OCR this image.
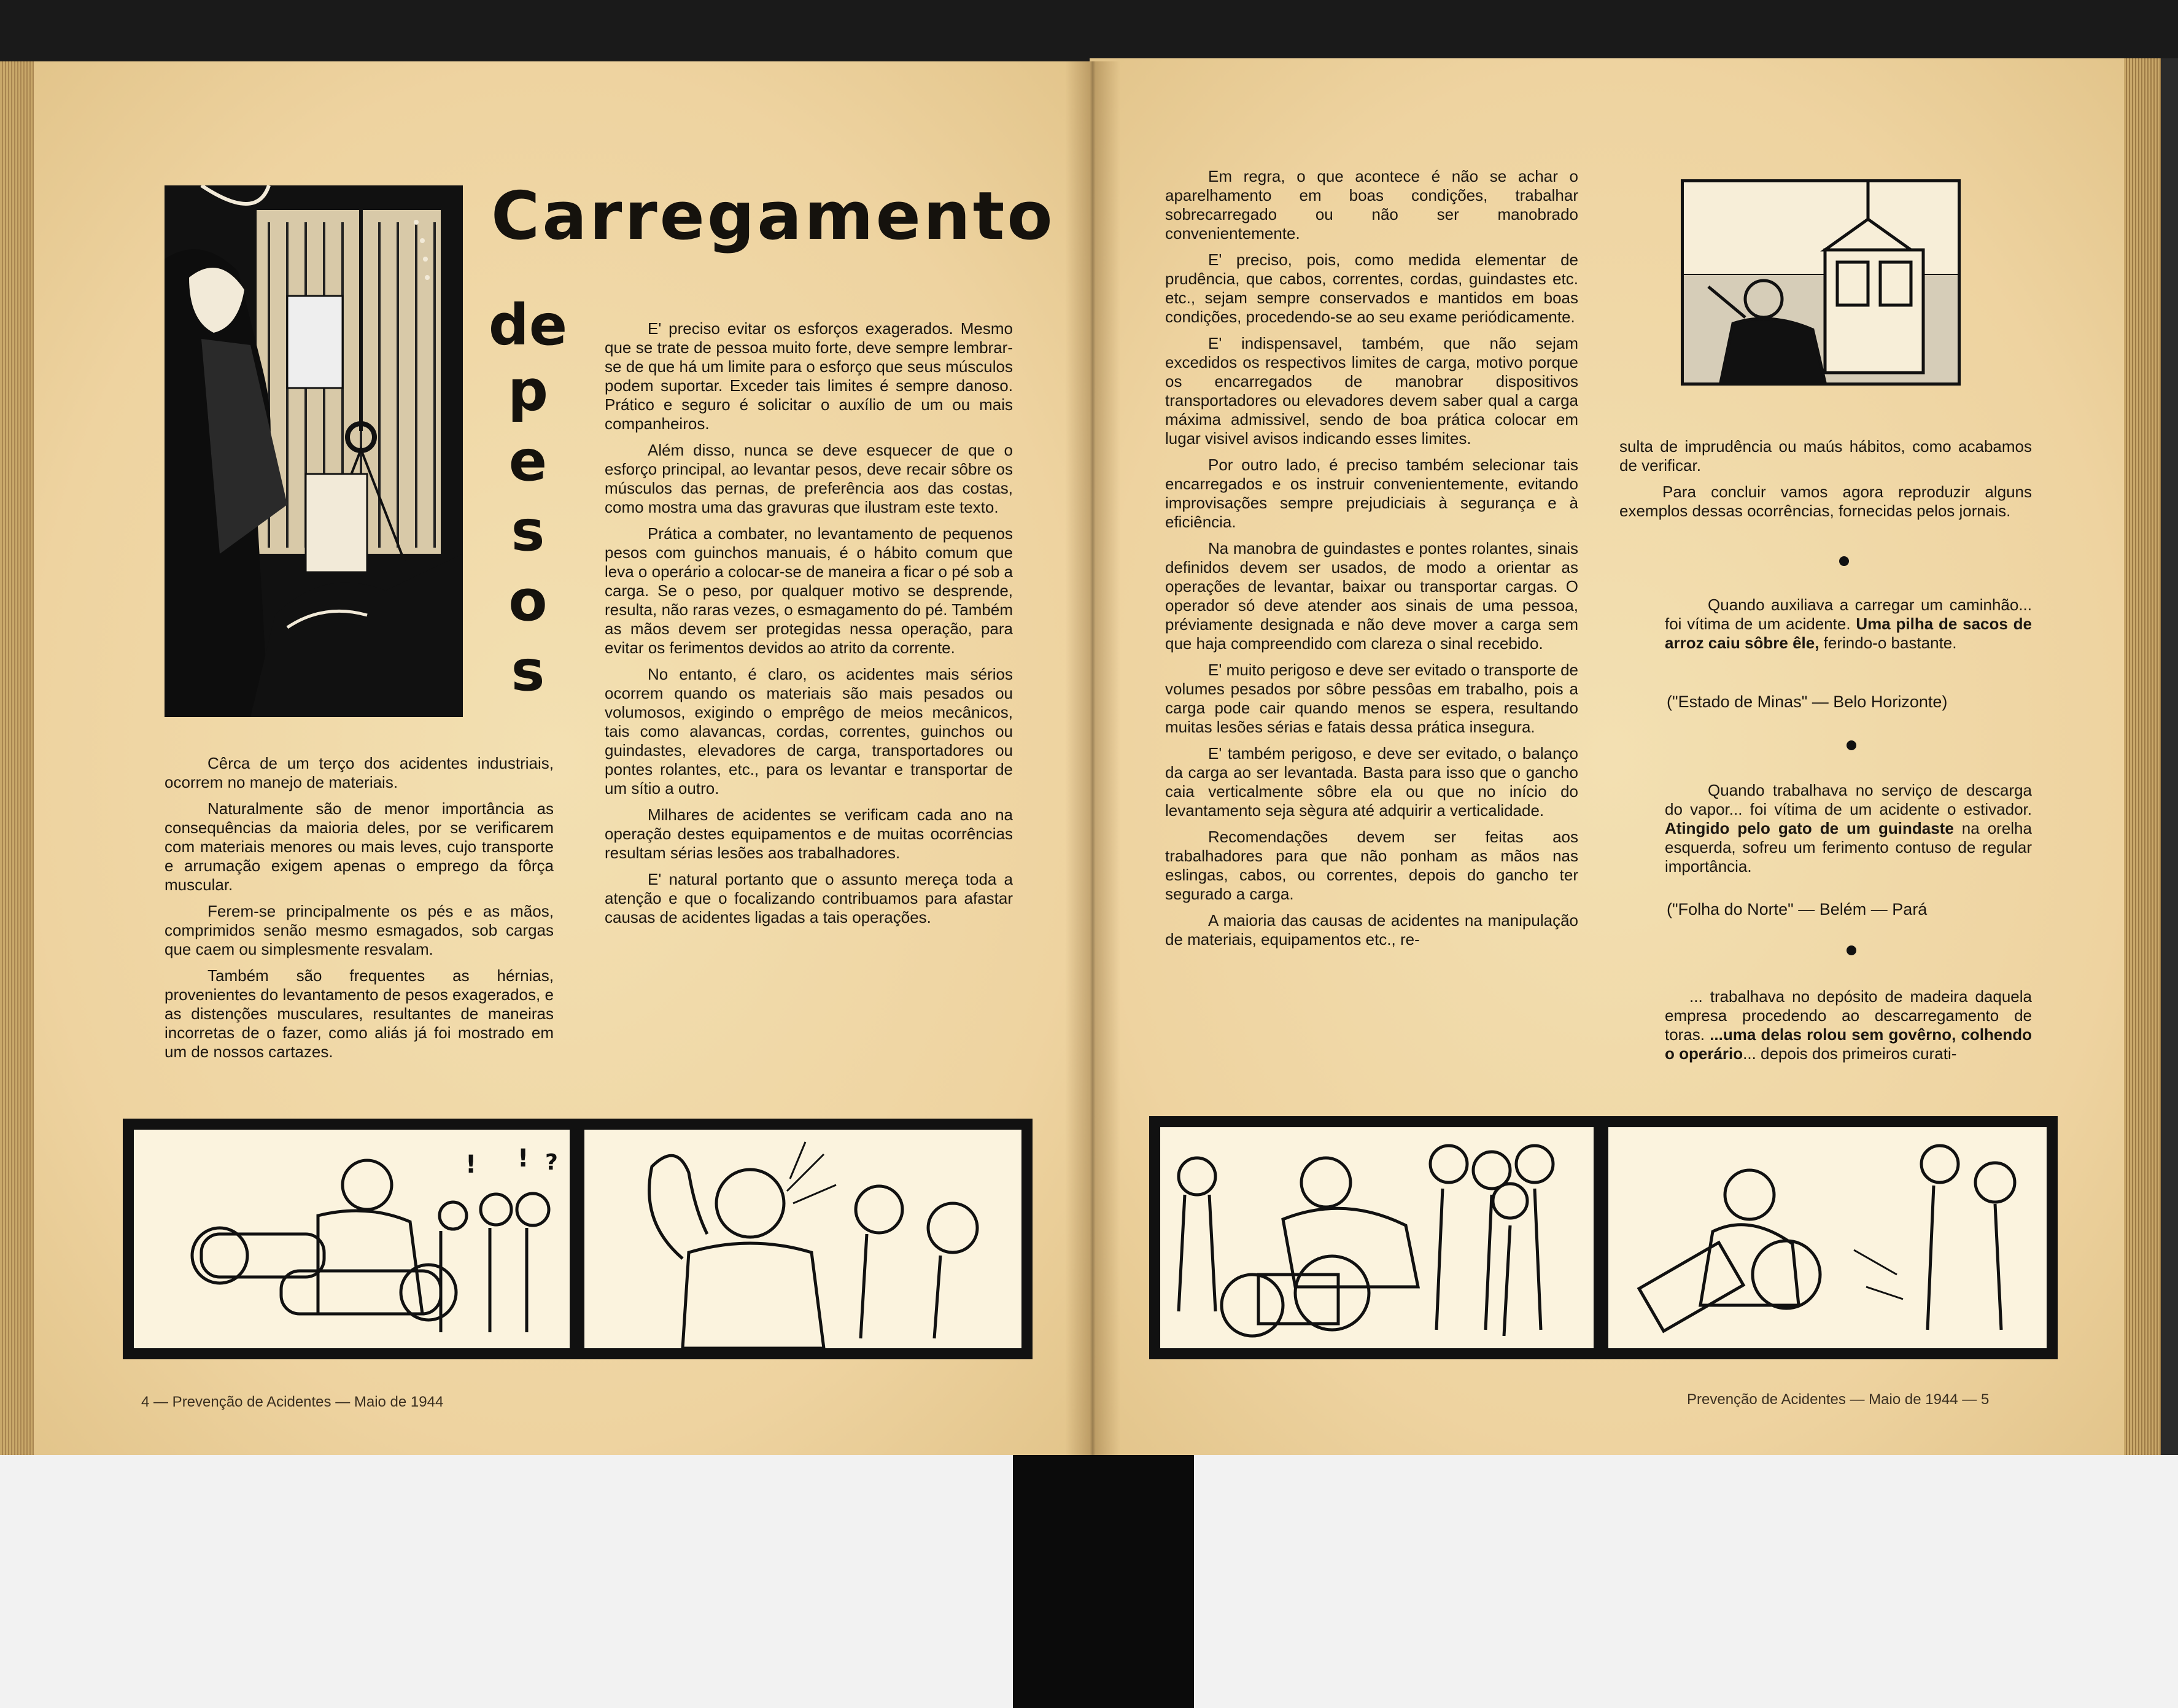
Carregamento
de
p
e
s
o
s

Cêrca de um terço dos acidentes industriais, ocorrem no manejo de materiais.

Naturalmente são de menor importância as consequências da maioria deles, por se verificarem com materiais menores ou mais leves, cujo transporte e arrumação exigem apenas o emprego da fôrça muscular.

Ferem-se principalmente os pés e as mãos, comprimidos senão mesmo esmagados, sob cargas que caem ou simplesmente resvalam.

Também são frequentes as hérnias, provenientes do levantamento de pesos exagerados, e as distenções musculares, resultantes de maneiras incorretas de o fazer, como aliás já foi mostrado em um de nossos cartazes.

E' preciso evitar os esforços exagerados. Mesmo que se trate de pessoa muito forte, deve sempre lembrar-se de que há um limite para o esforço que seus músculos podem suportar. Exceder tais limites é sempre danoso. Prático e seguro é solicitar o auxílio de um ou mais companheiros.

Além disso, nunca se deve esquecer de que o esforço principal, ao levantar pesos, deve recair sôbre os músculos das pernas, de preferência aos das costas, como mostra uma das gravuras que ilustram este texto.

Prática a combater, no levantamento de pequenos pesos com guinchos manuais, é o hábito comum que leva o operário a colocar-se de maneira a ficar o pé sob a carga. Se o peso, por qualquer motivo se desprende, resulta, não raras vezes, o esmagamento do pé. Também as mãos devem ser protegidas nessa operação, para evitar os ferimentos devidos ao atrito da corrente.

No entanto, é claro, os acidentes mais sérios ocorrem quando os materiais são mais pesados ou volumosos, exigindo o emprêgo de meios mecânicos, tais como alavancas, cordas, correntes, guinchos ou guindastes, elevadores de carga, transportadores ou pontes rolantes, etc., para os levantar e transportar de um sítio a outro.

Milhares de acidentes se verificam cada ano na operação destes equipamentos e de muitas ocorrências resultam sérias lesões aos trabalhadores.

E' natural portanto que o assunto mereça toda a atenção e que o focalizando contribuamos para afastar causas de acidentes ligadas a tais operações.

! ! ?
4 — Prevenção de Acidentes — Maio de 1944

Em regra, o que acontece é não se achar o aparelhamento em boas condições, trabalhar sobrecarregado ou não ser manobrado convenientemente.

E' preciso, pois, como medida elementar de prudência, que cabos, correntes, cordas, guindastes etc. etc., sejam sempre conservados e mantidos em boas condições, procedendo-se ao seu exame periódicamente.

E' indispensavel, também, que não sejam excedidos os respectivos limites de carga, motivo porque os encarregados de manobrar dispositivos transportadores ou elevadores devem saber qual a carga máxima admissivel, sendo de boa prática colocar em lugar visivel avisos indicando esses limites.

Por outro lado, é preciso também selecionar tais encarregados e os instruir convenientemente, evitando improvisações sempre prejudiciais à segurança e à eficiência.

Na manobra de guindastes e pontes rolantes, sinais definidos devem ser usados, de modo a orientar as operações de levantar, baixar ou transportar cargas. O operador só deve atender aos sinais de uma pessoa, préviamente designada e não deve mover a carga sem que haja compreendido com clareza o sinal recebido.

E' muito perigoso e deve ser evitado o transporte de volumes pesados por sôbre pessôas em trabalho, pois a carga pode cair quando menos se espera, resultando muitas lesões sérias e fatais dessa prática insegura.

E' também perigoso, e deve ser evitado, o balanço da carga ao ser levantada. Basta para isso que o gancho caia verticalmente sôbre ela ou que no início do levantamento seja sègura até adquirir a verticalidade.

Recomendações devem ser feitas aos trabalhadores para que não ponham as mãos nas eslingas, cabos, ou correntes, depois do gancho ter segurado a carga.

A maioria das causas de acidentes na manipulação de materiais, equipamentos etc., re-

sulta de imprudência ou maús hábitos, como acabamos de verificar.

Para concluir vamos agora reproduzir alguns exemplos dessas ocorrências, fornecidas pelos jornais.

Quando auxiliava a carregar um caminhão... foi vítima de um acidente. Uma pilha de sacos de arroz caiu sôbre êle, ferindo-o bastante.

("Estado de Minas" — Belo Horizonte)

Quando trabalhava no serviço de descarga do vapor... foi vítima de um acidente o estivador. Atingido pelo gato de um guindaste na orelha esquerda, sofreu um ferimento contuso de regular importância.

("Folha do Norte" — Belém — Pará

... trabalhava no depósito de madeira daquela empresa procedendo ao descarregamento de toras. ...uma delas rolou sem govêrno, colhendo o operário... depois dos primeiros curati-

Prevenção de Acidentes — Maio de 1944 — 5
